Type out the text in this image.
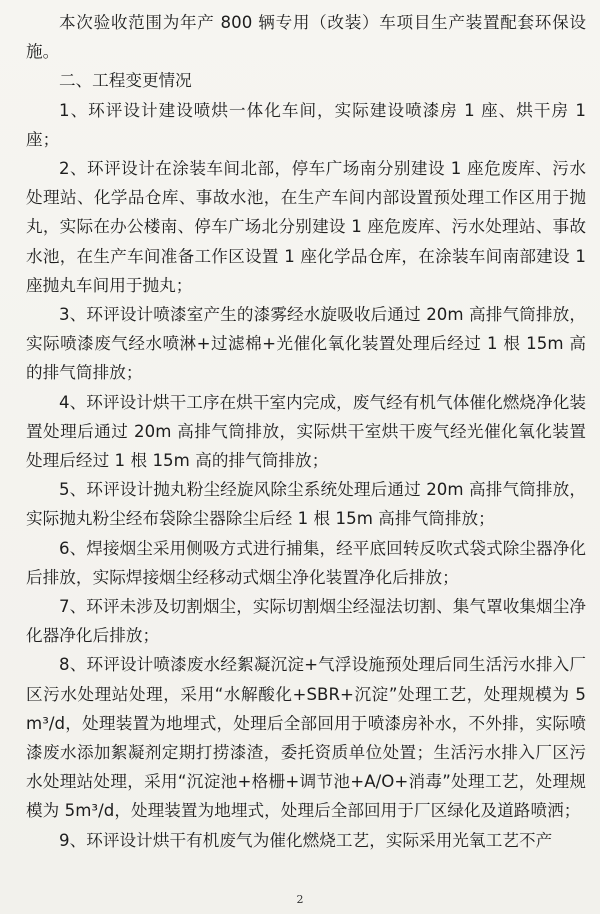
本次验收范围为年产 800 辆专用（改装）车项目生产装置配套环保设施。

二、工程变更情况

1、环评设计建设喷烘一体化车间，实际建设喷漆房 1 座、烘干房 1 座；

2、环评设计在涂装车间北部，停车广场南分别建设 1 座危废库、污水处理站、化学品仓库、事故水池，在生产车间内部设置预处理工作区用于抛丸，实际在办公楼南、停车广场北分别建设 1 座危废库、污水处理站、事故水池，在生产车间准备工作区设置 1 座化学品仓库，在涂装车间南部建设 1 座抛丸车间用于抛丸；

3、环评设计喷漆室产生的漆雾经水旋吸收后通过 20m 高排气筒排放，实际喷漆废气经水喷淋+过滤棉+光催化氧化装置处理后经过 1 根 15m 高的排气筒排放；

4、环评设计烘干工序在烘干室内完成，废气经有机气体催化燃烧净化装置处理后通过 20m 高排气筒排放，实际烘干室烘干废气经光催化氧化装置处理后经过 1 根 15m 高的排气筒排放；

5、环评设计抛丸粉尘经旋风除尘系统处理后通过 20m 高排气筒排放，实际抛丸粉尘经布袋除尘器除尘后经 1 根 15m 高排气筒排放；

6、焊接烟尘采用侧吸方式进行捕集，经平底回转反吹式袋式除尘器净化后排放，实际焊接烟尘经移动式烟尘净化装置净化后排放；

7、环评未涉及切割烟尘，实际切割烟尘经湿法切割、集气罩收集烟尘净化器净化后排放；

8、环评设计喷漆废水经絮凝沉淀+气浮设施预处理后同生活污水排入厂区污水处理站处理，采用“水解酸化+SBR+沉淀”处理工艺，处理规模为 5m³/d，处理装置为地埋式，处理后全部回用于喷漆房补水，不外排，实际喷漆废水添加絮凝剂定期打捞漆渣，委托资质单位处置；生活污水排入厂区污水处理站处理，采用“沉淀池+格栅+调节池+A/O+消毒”处理工艺，处理规模为 5m³/d，处理装置为地埋式，处理后全部回用于厂区绿化及道路喷洒；

9、环评设计烘干有机废气为催化燃烧工艺，实际采用光氧工艺不产

2
